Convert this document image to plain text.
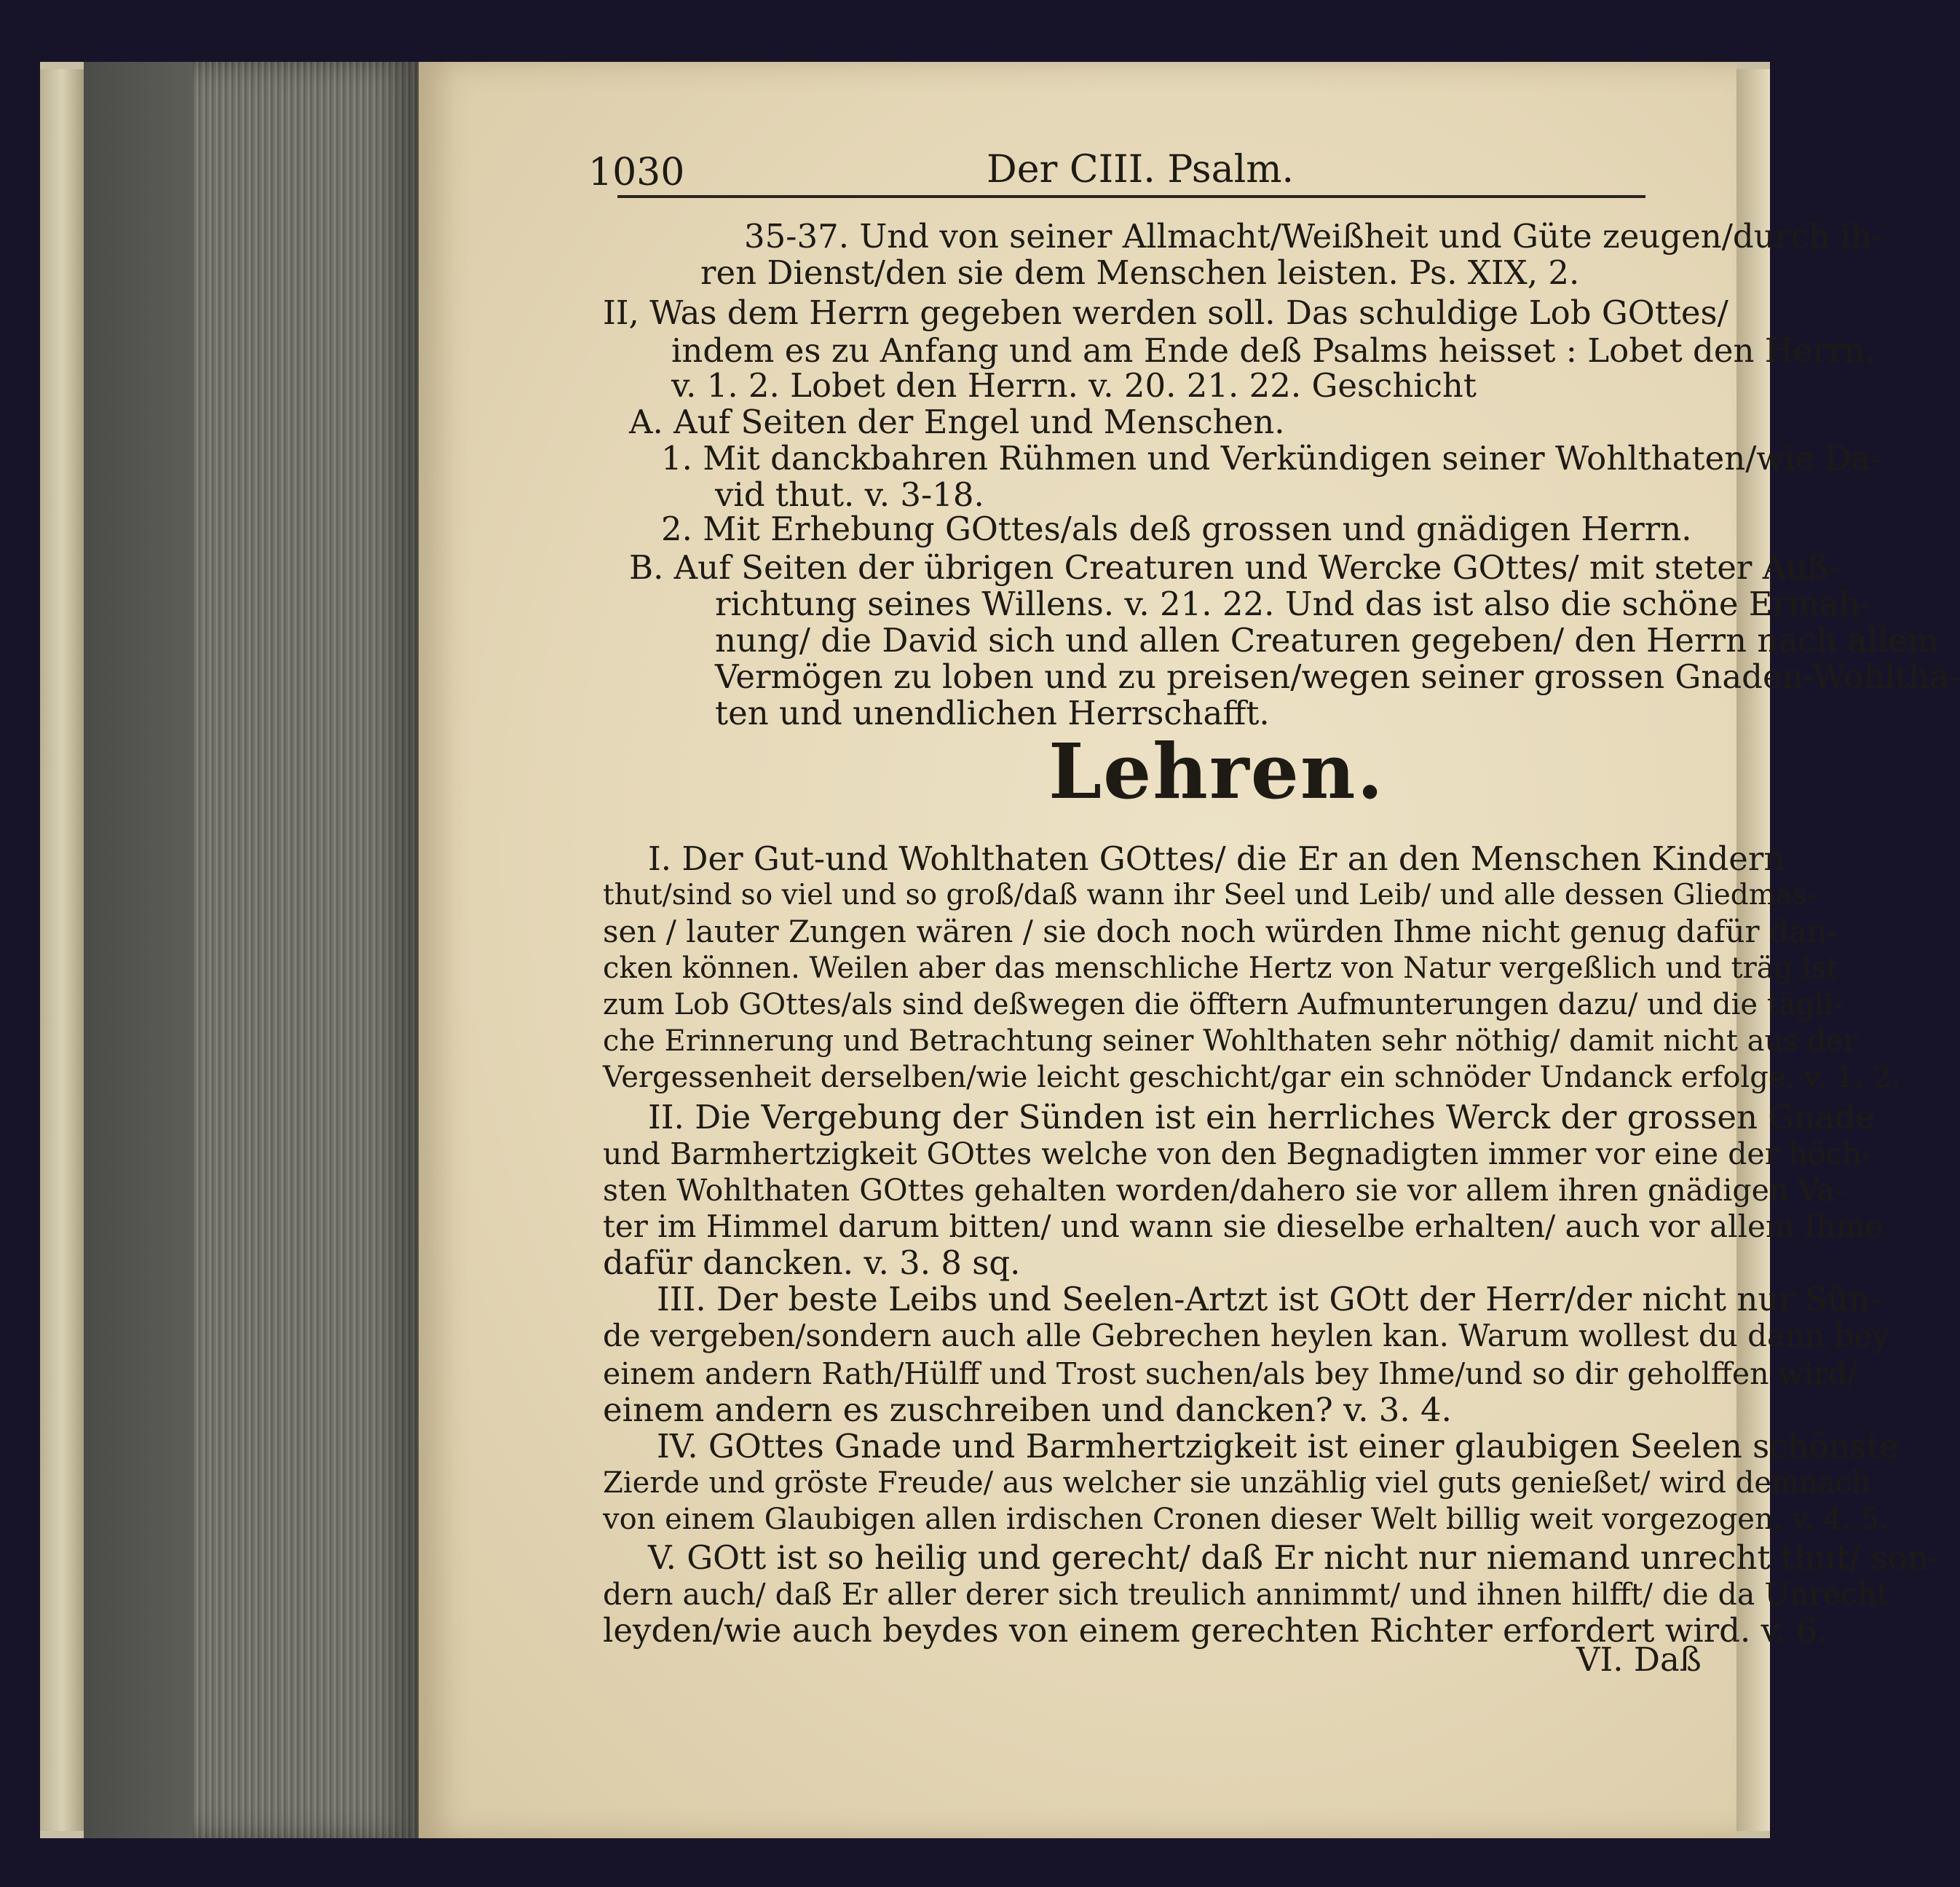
1030	Der CIII. Psalm.
35-37. Und von seiner Allmacht/Weißheit und Güte zeugen/durch ih-
ren Dienst/den sie dem Menschen leisten. Ps. XIX, 2.
II, Was dem Herrn gegeben werden soll. Das schuldige Lob GOttes/
indem es zu Anfang und am Ende deß Psalms heisset : Lobet den Herrn.
v. 1. 2. Lobet den Herrn. v. 20. 21. 22. Geschicht
A. Auf Seiten der Engel und Menschen.
1. Mit danckbahren Rühmen und Verkündigen seiner Wohlthaten/wie Da-
vid thut. v. 3-18.
2. Mit Erhebung GOttes/als deß grossen und gnädigen Herrn.
B. Auf Seiten der übrigen Creaturen und Wercke GOttes/ mit steter Auß-
richtung seines Willens. v. 21. 22. Und das ist also die schöne Ermah-
nung/ die David sich und allen Creaturen gegeben/ den Herrn nach allem
Vermögen zu loben und zu preisen/wegen seiner grossen Gnaden-Wohltha-
ten und unendlichen Herrschafft.
Lehren.
I. Der Gut-und Wohlthaten GOttes/ die Er an den Menschen Kindern
thut/sind so viel und so groß/daß wann ihr Seel und Leib/ und alle dessen Gliedmas-
sen / lauter Zungen wären / sie doch noch würden Ihme nicht genug dafür dan-
cken können. Weilen aber das menschliche Hertz von Natur vergeßlich und träg ist
zum Lob GOttes/als sind deßwegen die öfftern Aufmunterungen dazu/ und die tägli-
che Erinnerung und Betrachtung seiner Wohlthaten sehr nöthig/ damit nicht aus der
Vergessenheit derselben/wie leicht geschicht/gar ein schnöder Undanck erfolge. v. 1. 2.
II. Die Vergebung der Sünden ist ein herrliches Werck der grossen Gnade
und Barmhertzigkeit GOttes welche von den Begnadigten immer vor eine der höch-
sten Wohlthaten GOttes gehalten worden/dahero sie vor allem ihren gnädigen Va-
ter im Himmel darum bitten/ und wann sie dieselbe erhalten/ auch vor allem Ihme
dafür dancken. v. 3. 8 sq.
III. Der beste Leibs und Seelen-Artzt ist GOtt der Herr/der nicht nur Sün-
de vergeben/sondern auch alle Gebrechen heylen kan. Warum wollest du dann bey
einem andern Rath/Hülff und Trost suchen/als bey Ihme/und so dir geholffen wird/
einem andern es zuschreiben und dancken? v. 3. 4.
IV. GOttes Gnade und Barmhertzigkeit ist einer glaubigen Seelen schönste
Zierde und gröste Freude/ aus welcher sie unzählig viel guts genießet/ wird demnach
von einem Glaubigen allen irdischen Cronen dieser Welt billig weit vorgezogen. v. 4. 5.
V. GOtt ist so heilig und gerecht/ daß Er nicht nur niemand unrecht thut/ son-
dern auch/ daß Er aller derer sich treulich annimmt/ und ihnen hilfft/ die da Unrecht
leyden/wie auch beydes von einem gerechten Richter erfordert wird. v. 6.
VI. Daß
